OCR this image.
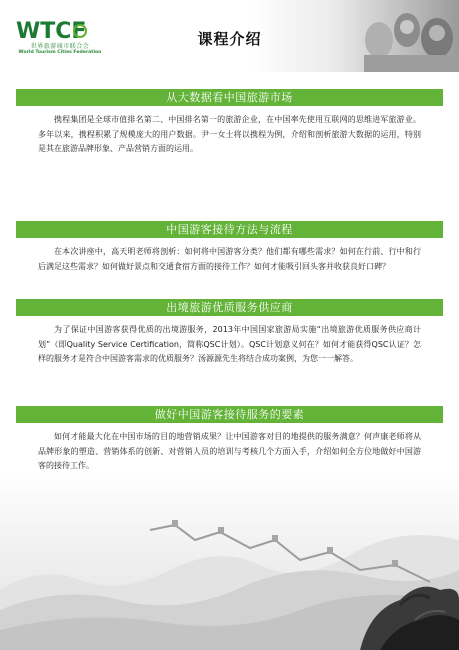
WTCF
世界旅游城市联合会
World Tourism Cities Federation
课程介绍
从大数据看中国旅游市场

携程集团是全球市值排名第二、中国排名第一的旅游企业，在中国率先使用互联网的思维进军旅游业。多年以来，携程积累了规模庞大的用户数据。尹一女士将以携程为例，介绍和剖析旅游大数据的运用，特别是其在旅游品牌形象、产品营销方面的运用。

中国游客接待方法与流程

在本次讲座中，高天明老师将剖析：如何将中国游客分类？他们都有哪些需求？如何在行前、行中和行后满足这些需求？如何做好景点和交通食宿方面的接待工作？如何才能吸引回头客并收获良好口碑？

出境旅游优质服务供应商

为了保证中国游客获得优质的出境游服务，2013年中国国家旅游局实施“出境旅游优质服务供应商计划”（即Quality Service Certification，简称QSC计划）。QSC计划意义何在？如何才能获得QSC认证？怎样的服务才是符合中国游客需求的优质服务？汤源源先生将结合成功案例，为您一一解答。

做好中国游客接待服务的要素

如何才能最大化在中国市场的目的地营销成果？让中国游客对目的地提供的服务满意？何声康老师将从品牌形象的塑造、营销体系的创新、对营销人员的培训与考核几个方面入手，介绍如何全方位地做好中国游客的接待工作。
